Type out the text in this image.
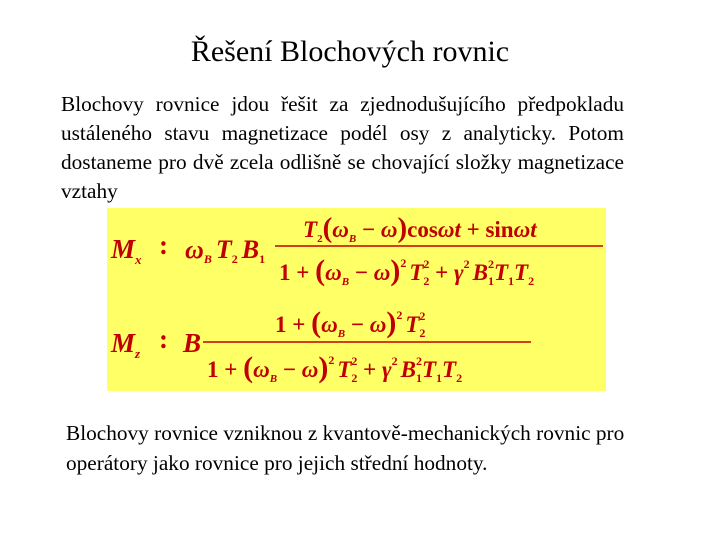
Řešení Blochových rovnic
Blochovy rovnice jdou řešit za zjednodušujícího předpokladu ustáleného stavu magnetizace podél osy z analyticky. Potom dostaneme pro dvě zcela odlišně se chovající složky magnetizace vztahy
$M_x$ : ωB T2 B1
$T_2(\omega_B - \omega)\cos\omega t + \sin\omega t$
$1 + (\omega_B - \omega)^2$ $T^2$ $2 + \gamma^2$ $B^2$ $1T_1T_2$
$M_z$ : B
$1 + (\omega_B - \omega)^2$ $T^2$ 2
$1 + (\omega_B - \omega)^2$ $T^2$ $2 + \gamma^2$ $B^2$ $1T_1T_2$
Blochovy rovnice vzniknou z kvantově-mechanických rovnic pro operátory jako rovnice pro jejich střední hodnoty.
